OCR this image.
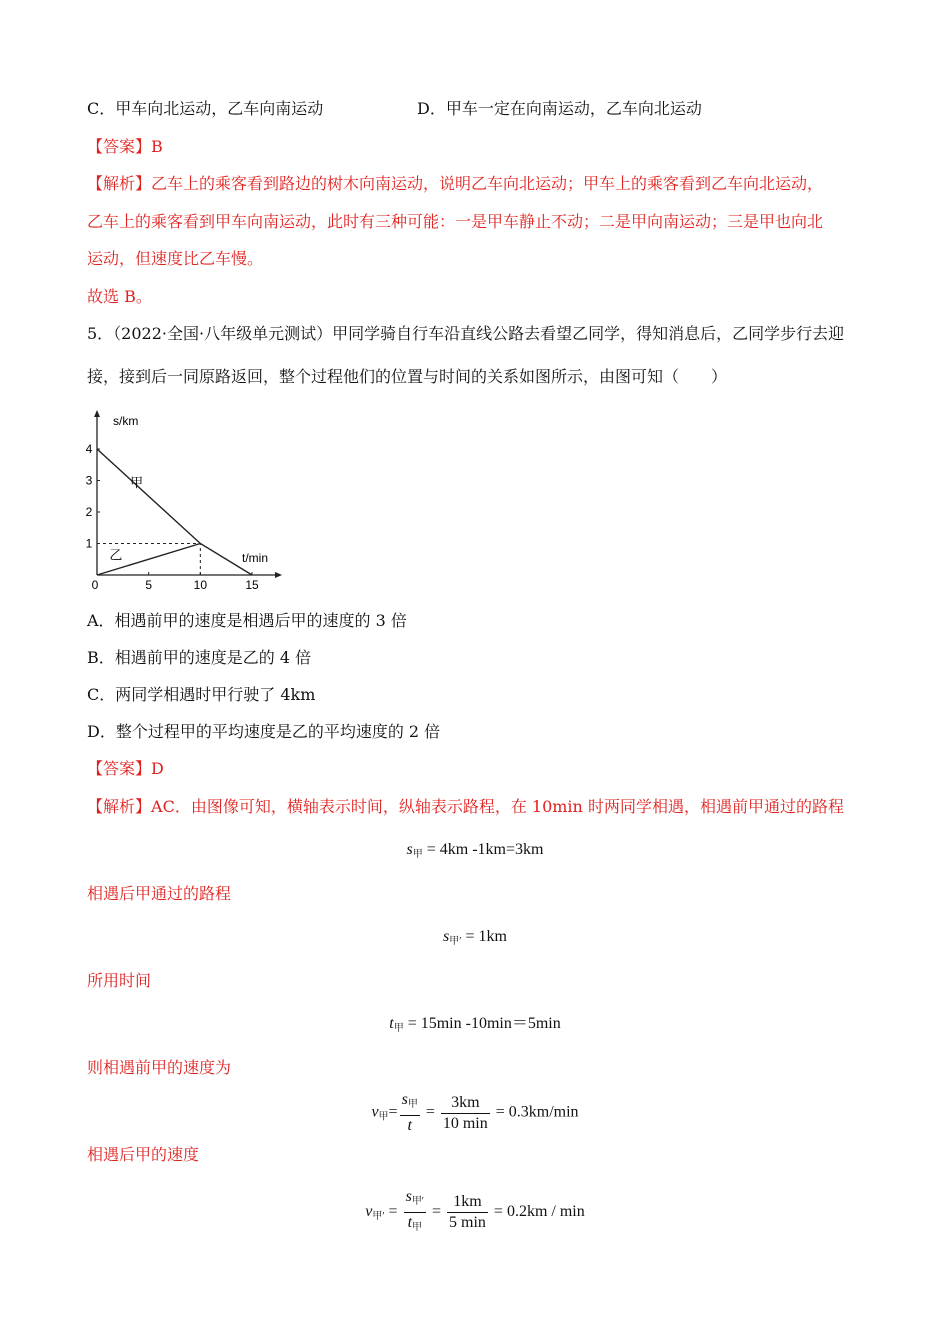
C．甲车向北运动，乙车向南运动	D．甲车一定在向南运动，乙车向北运动
【答案】B
【解析】乙车上的乘客看到路边的树木向南运动，说明乙车向北运动；甲车上的乘客看到乙车向北运动，
乙车上的乘客看到甲车向南运动，此时有三种可能：一是甲车静止不动；二是甲向南运动；三是甲也向北
运动，但速度比乙车慢。
故选 B。
5．（2022·全国·八年级单元测试）甲同学骑自行车沿直线公路去看望乙同学，得知消息后，乙同学步行去迎
接，接到后一同原路返回，整个过程他们的位置与时间的关系如图所示，由图可知（　　）
s/km
t/min
1
2
3
4
0	5	10	15
甲
乙
A．相遇前甲的速度是相遇后甲的速度的 3 倍
B．相遇前甲的速度是乙的 4 倍
C．两同学相遇时甲行驶了 4km
D．整个过程甲的平均速度是乙的平均速度的 2 倍
【答案】D
【解析】AC．由图像可知，横轴表示时间，纵轴表示路程，在 10min 时两同学相遇，相遇前甲通过的路程
$s_甲 = 4km$ -1km=3km
相遇后甲通过的路程
$s_{甲'} = 1km$
所用时间
$t_甲 = 15\min$ -10min＝5min
则相遇前甲的速度为
$v_甲= \frac{s_甲}{t} = \frac{3km}{10 \min} = 0.3km/\min$
相遇后甲的速度
$v_{甲'} = \frac{s_{甲'}}{t_甲} = \frac{1km}{5 \min} = 0.2km / \min$
